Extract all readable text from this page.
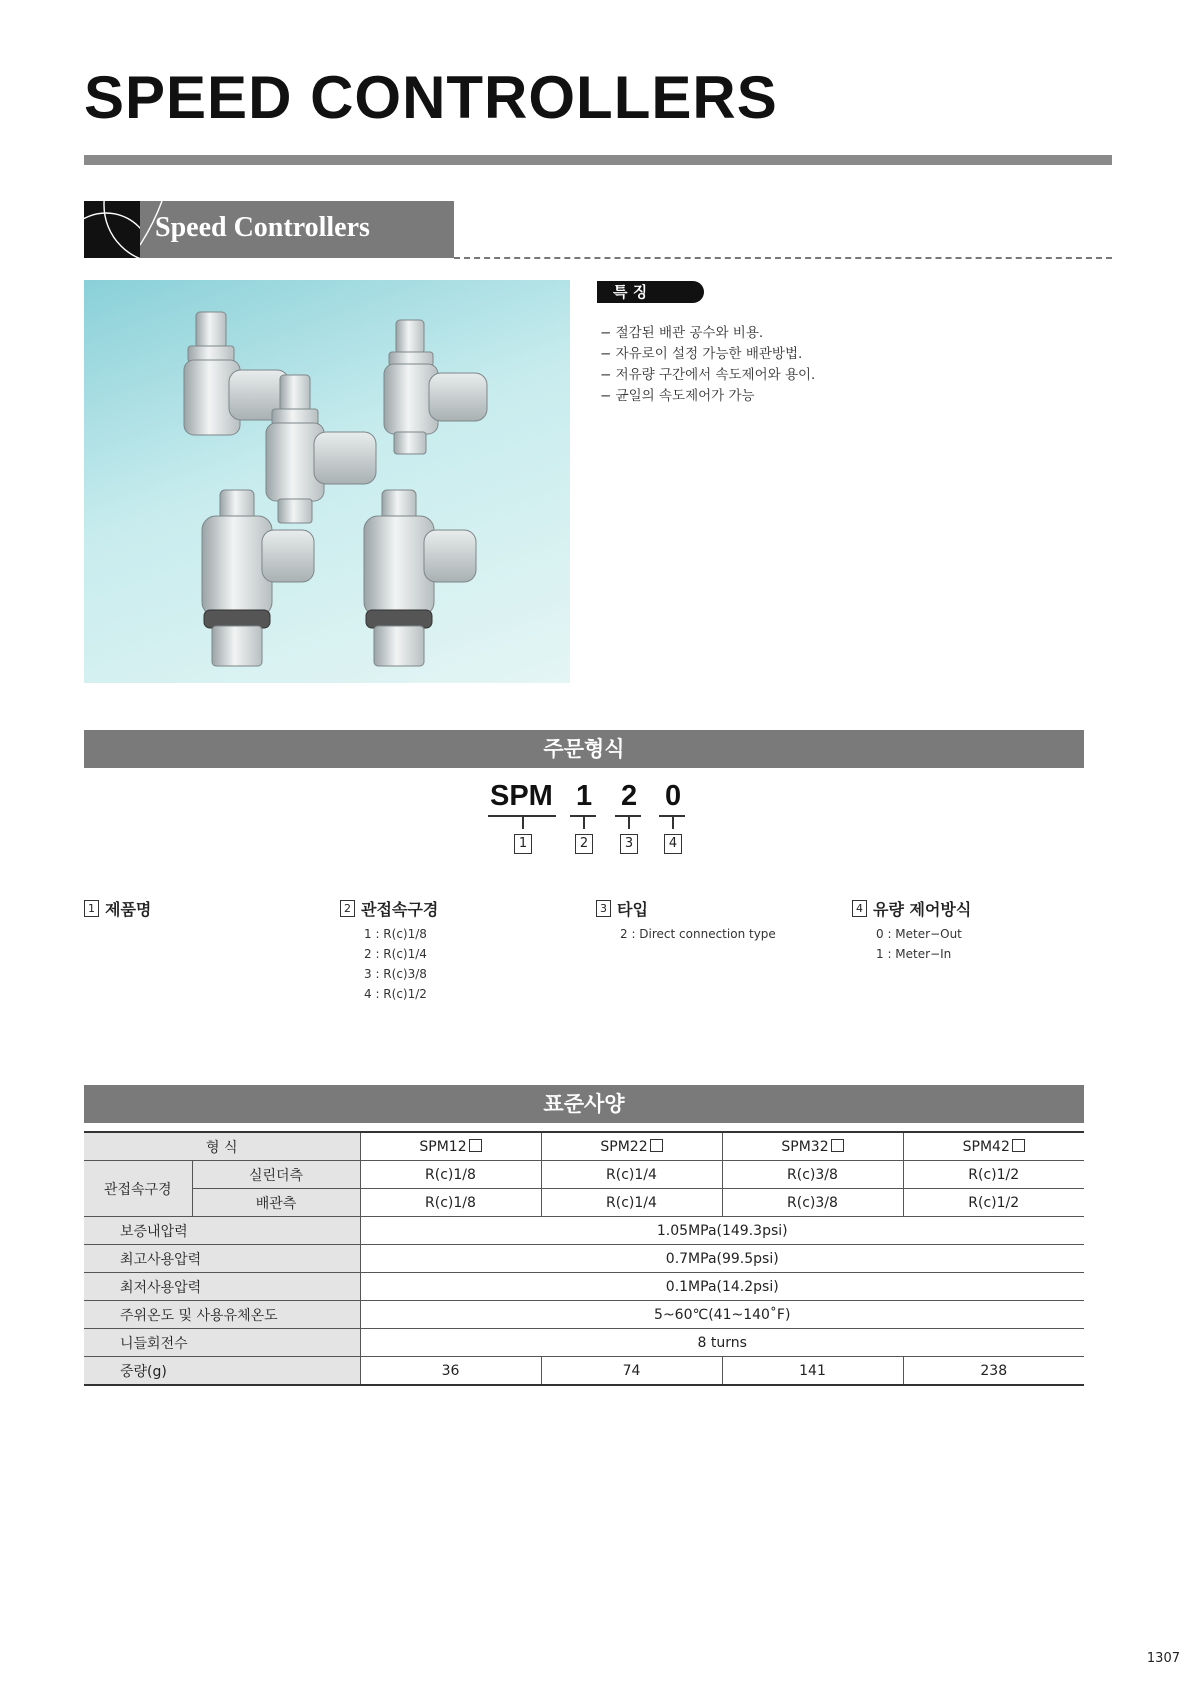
SPEED CONTROLLERS
Speed Controllers
특 징
− 절감된 배관 공수와 비용.
− 자유로이 설정 가능한 배관방법.
− 저유량 구간에서 속도제어와 용이.
− 균일의 속도제어가 가능
주문형식
SPM 1 2 0
1	2	3	4
1 제품명	2 관접속구경
1 : R(c)1/8
2 : R(c)1/4
3 : R(c)3/8
4 : R(c)1/2
3 타입
2 : Direct connection type
4 유량 제어방식
0 : Meter−Out
1 : Meter−In
표준사양
형 식		SPM12	SPM22	SPM32	SPM42
관접속구경	실린더측	R(c)1/8	R(c)1/4	R(c)3/8	R(c)1/2
	배관측	R(c)1/8	R(c)1/4	R(c)3/8	R(c)1/2
보증내압력		1.05MPa(149.3psi)			
최고사용압력		0.7MPa(99.5psi)			
최저사용압력		0.1MPa(14.2psi)			
주위온도 및 사용유체온도		5~60℃(41~140˚F)			
니들회전수		8 turns			
중량(g)		36	74	141	238
1307
